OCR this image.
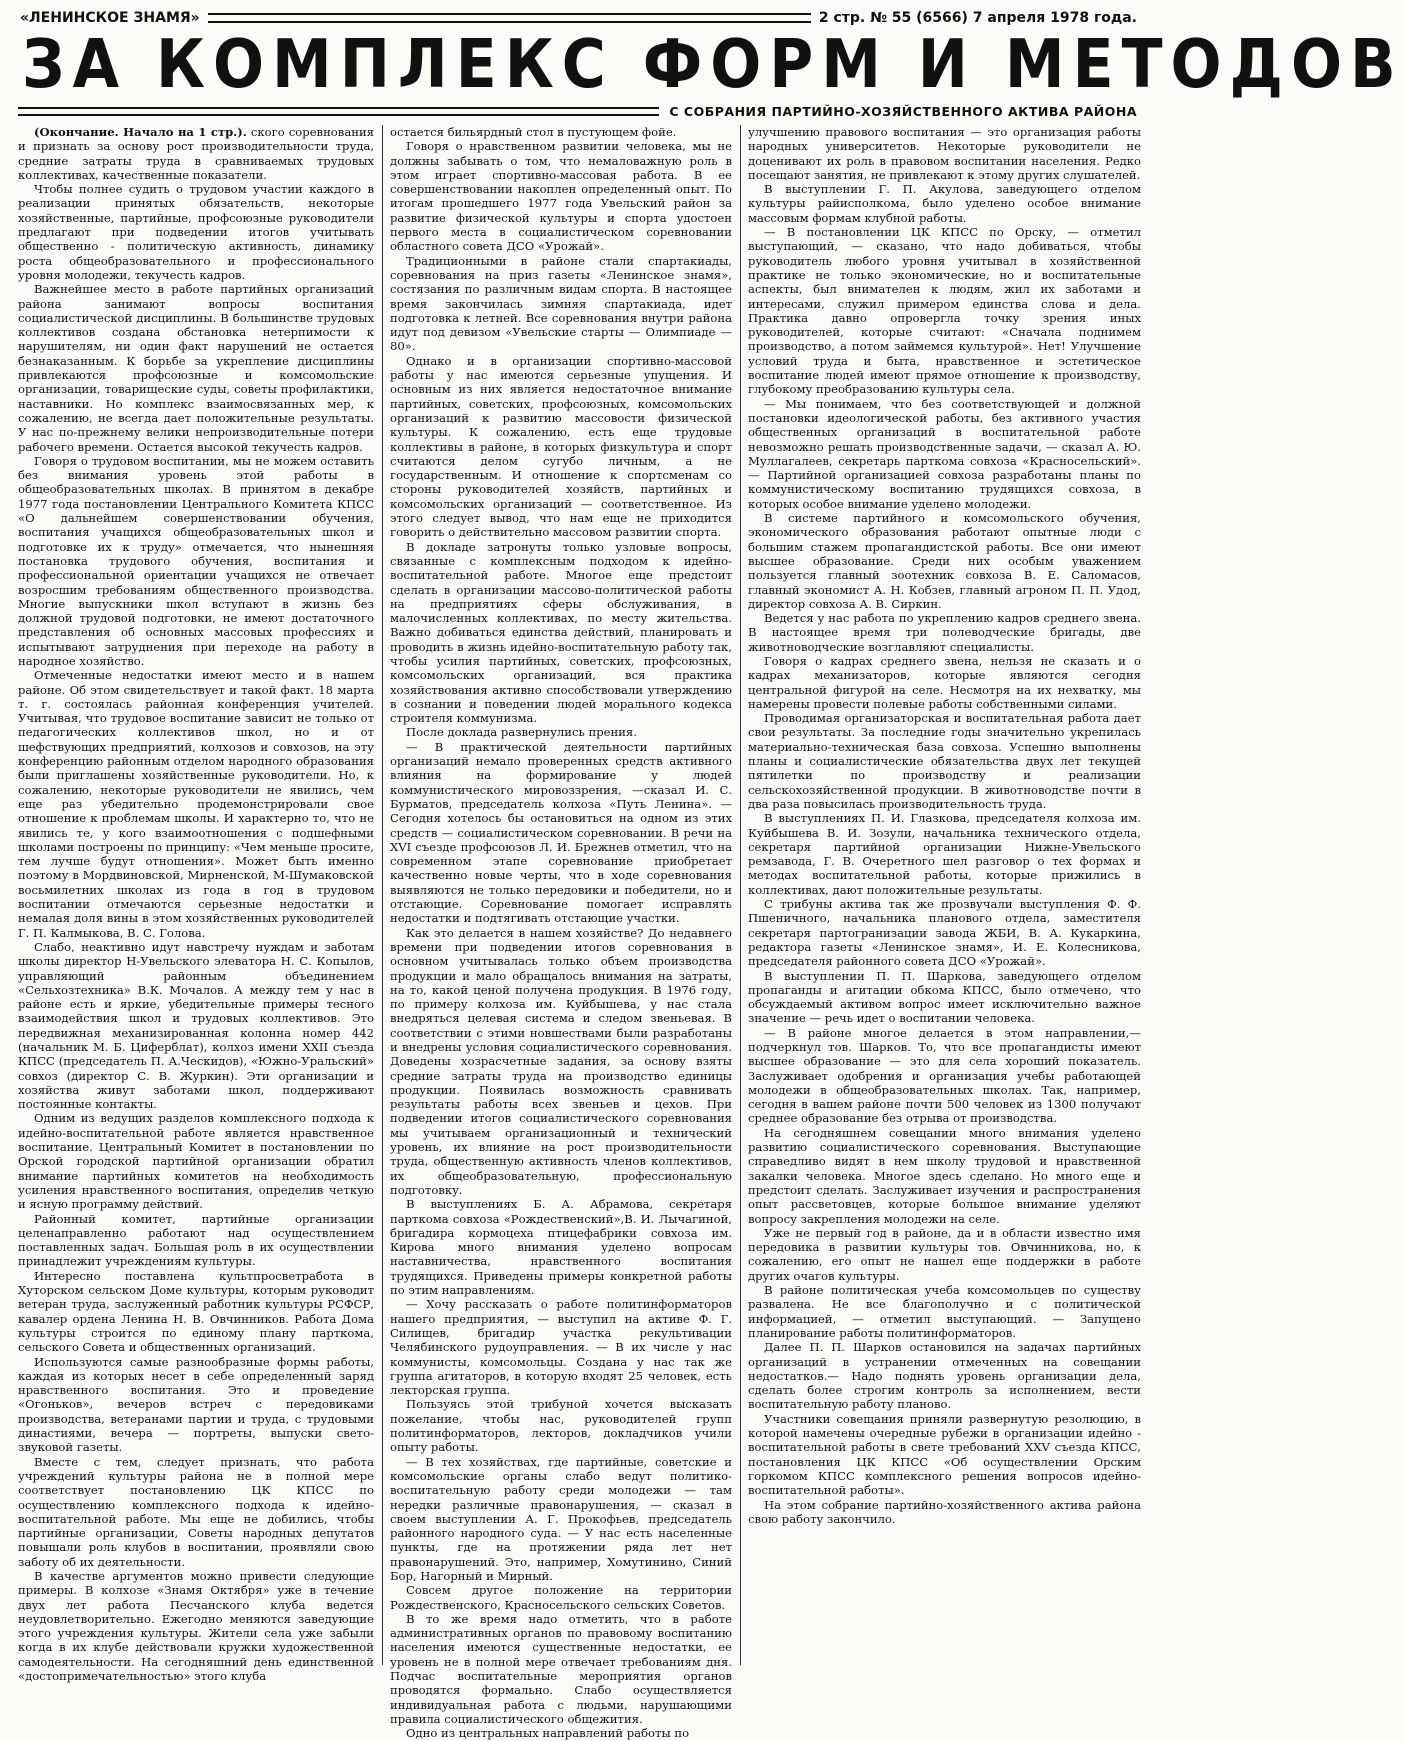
«ЛЕНИНСКОЕ ЗНАМЯ»	2 стр. № 55 (6566) 7 апреля 1978 года.
ЗА КОМПЛЕКС ФОРМ И МЕТОДОВ
С СОБРАНИЯ ПАРТИЙНО-ХОЗЯЙСТВЕННОГО АКТИВА РАЙОНА

(Окончание. Начало на 1 стр.). ского соревнования и признать за основу рост производительности труда, средние затраты труда в сравниваемых трудовых коллективах, качественные показатели.

Чтобы полнее судить о трудовом участии каждого в реализации принятых обязательств, некоторые хозяйственные, партийные, профсоюзные руководители предлагают при подведении итогов учитывать общественно - политическую активность, динамику роста общеобразовательного и профессионального уровня молодежи, текучесть кадров.

Важнейшее место в работе партийных организаций района занимают вопросы воспитания социалистической дисциплины. В большинстве трудовых коллективов создана обстановка нетерпимости к нарушителям, ни один факт нарушений не остается безнаказанным. К борьбе за укрепление дисциплины привлекаются профсоюзные и комсомольские организации, товарищеские суды, советы профилактики, наставники. Но комплекс взаимосвязанных мер, к сожалению, не всегда дает положительные результаты. У нас по-прежнему велики непроизводительные потери рабочего времени. Остается высокой текучесть кадров.

Говоря о трудовом воспитании, мы не можем оставить без внимания уровень этой работы в общеобразовательных школах. В принятом в декабре 1977 года постановлении Центрального Комитета КПСС «О дальнейшем совершенствовании обучения, воспитания учащихся общеобразовательных школ и подготовке их к труду» отмечается, что нынешняя постановка трудового обучения, воспитания и профессиональной ориентации учащихся не отвечает возросшим требованиям общественного производства. Многие выпускники школ вступают в жизнь без должной трудовой подготовки, не имеют достаточного представления об основных массовых профессиях и испытывают затруднения при переходе на работу в народное хозяйство.

Отмеченные недостатки имеют место и в нашем районе. Об этом свидетельствует и такой факт. 18 марта т. г. состоялась районная конференция учителей. Учитывая, что трудовое воспитание зависит не только от педагогических коллективов школ, но и от шефствующих предприятий, колхозов и совхозов, на эту конференцию районным отделом народного образования были приглашены хозяйственные руководители. Но, к сожалению, некоторые руководители не явились, чем еще раз убедительно продемонстрировали свое отношение к проблемам школы. И характерно то, что не явились те, у кого взаимоотношения с подшефными школами построены по принципу: «Чем меньше просите, тем лучше будут отношения». Может быть именно поэтому в Мордвиновской, Мирненской, М-Шумаковской восьмилетних школах из года в год в трудовом воспитании отмечаются серьезные недостатки и немалая доля вины в этом хозяйственных руководителей Г. П. Калмыкова, В. С. Голова.

Слабо, неактивно идут навстречу нуждам и заботам школы директор Н-Увельского элеватора Н. С. Копылов, управляющий районным объединением «Сельхозтехника» В.К. Мочалов. А между тем у нас в районе есть и яркие, убедительные примеры тесного взаимодействия школ и трудовых коллективов. Это передвижная механизированная колонна номер 442 (начальник М. Б. Циферблат), колхоз имени XXII съезда КПСС (председатель П. А.Ческидов), «Южно-Уральский» совхоз (директор С. В. Журкин). Эти организации и хозяйства живут заботами школ, поддерживают постоянные контакты.

Одним из ведущих разделов комплексного подхода к идейно-воспитательной работе является нравственное воспитание. Центральный Комитет в постановлении по Орской городской партийной организации обратил внимание партийных комитетов на необходимость усиления нравственного воспитания, определив четкую и ясную программу действий.

Районный комитет, партийные организации целенаправленно работают над осуществлением поставленных задач. Большая роль в их осуществлении принадлежит учреждениям культуры.

Интересно поставлена культпросветработа в Хуторском сельском Доме культуры, которым руководит ветеран труда, заслуженный работник культуры РСФСР, кавалер ордена Ленина Н. В. Овчинников. Работа Дома культуры строится по единому плану парткома, сельского Совета и общественных организаций.

Используются самые разнообразные формы работы, каждая из которых несет в себе определенный заряд нравственного воспитания. Это и проведение «Огоньков», вечеров встреч с передовиками производства, ветеранами партии и труда, с трудовыми династиями, вечера — портреты, выпуски свето-звуковой газеты.

Вместе с тем, следует признать, что работа учреждений культуры района не в полной мере соответствует постановлению ЦК КПСС по осуществлению комплексного подхода к идейно-воспитательной работе. Мы еще не добились, чтобы партийные организации, Советы народных депутатов повышали роль клубов в воспитании, проявляли свою заботу об их деятельности.

В качестве аргументов можно привести следующие примеры. В колхозе «Знамя Октября» уже в течение двух лет работа Песчанского клуба ведется неудовлетворительно. Ежегодно меняются заведующие этого учреждения культуры. Жители села уже забыли когда в их клубе действовали кружки художественной самодеятельности. На сегодняшний день единственной «достопримечательностью» этого клуба

остается бильярдный стол в пустующем фойе.

Говоря о нравственном развитии человека, мы не должны забывать о том, что немаловажную роль в этом играет спортивно-массовая работа. В ее совершенствовании накоплен определенный опыт. По итогам прошедшего 1977 года Увельский район за развитие физической культуры и спорта удостоен первого места в социалистическом соревновании областного совета ДСО «Урожай».

Традиционными в районе стали спартакиады, соревнования на приз газеты «Ленинское знамя», состязания по различным видам спорта. В настоящее время закончилась зимняя спартакиада, идет подготовка к летней. Все соревнования внутри района идут под девизом «Увельские старты — Олимпиаде —80».

Однако и в организации спортивно-массовой работы у нас имеются серьезные упущения. И основным из них является недостаточное внимание партийных, советских, профсоюзных, комсомольских организаций к развитию массовости физической культуры. К сожалению, есть еще трудовые коллективы в районе, в которых физкультура и спорт считаются делом сугубо личным, а не государственным. И отношение к спортсменам со стороны руководителей хозяйств, партийных и комсомольских организаций — соответственное. Из этого следует вывод, что нам еще не приходится говорить о действительно массовом развитии спорта.

В докладе затронуты только узловые вопросы, связанные с комплексным подходом к идейно-воспитательной работе. Многое еще предстоит сделать в организации массово-политической работы на предприятиях сферы обслуживания, в малочисленных коллективах, по месту жительства. Важно добиваться единства действий, планировать и проводить в жизнь идейно-воспитательную работу так, чтобы усилия партийных, советских, профсоюзных, комсомольских организаций, вся практика хозяйствования активно способствовали утверждению в сознании и поведении людей морального кодекса строителя коммунизма.

После доклада развернулись прения.

— В практической деятельности партийных организаций немало проверенных средств активного влияния на формирование у людей коммунистического мировоззрения, —сказал И. С. Бурматов, председатель колхоза «Путь Ленина». — Сегодня хотелось бы остановиться на одном из этих средств — социалистическом соревновании. В речи на XVI съезде профсоюзов Л. И. Брежнев отметил, что на современном этапе соревнование приобретает качественно новые черты, что в ходе соревнования выявляются не только передовики и победители, но и отстающие. Соревнование помогает исправлять недостатки и подтягивать отстающие участки.

Как это делается в нашем хозяйстве? До недавнего времени при подведении итогов соревнования в основном учитывалась только объем производства продукции и мало обращалось внимания на затраты, на то, какой ценой получена продукция. В 1976 году, по примеру колхоза им. Куйбышева, у нас стала внедряться целевая система и следом звеньевая. В соответствии с этими новшествами были разработаны и внедрены условия социалистического соревнования. Доведены хозрасчетные задания, за основу взяты средние затраты труда на производство единицы продукции. Появилась возможность сравнивать результаты работы всех звеньев и цехов. При подведении итогов социалистического соревнования мы учитываем организационный и технический уровень, их влияние на рост производительности труда, общественную активность членов коллективов, их общеобразовательную, профессиональную подготовку.

В выступлениях Б. А. Абрамова, секретаря парткома совхоза «Рождественский»,В. И. Лычагиной, бригадира кормоцеха птицефабрики совхоза им. Кирова много внимания уделено вопросам наставничества, нравственного воспитания трудящихся. Приведены примеры конкретной работы по этим направлениям.

— Хочу рассказать о работе политинформаторов нашего предприятия, — выступил на активе Ф. Г. Силищев, бригадир участка рекультивации Челябинского рудоуправления. — В их числе у нас коммунисты, комсомольцы. Создана у нас так же группа агитаторов, в которую входят 25 человек, есть лекторская группа.

Пользуясь этой трибуной хочется высказать пожелание, чтобы нас, руководителей групп политинформаторов, лекторов, докладчиков учили опыту работы.

— В тех хозяйствах, где партийные, советские и комсомольские органы слабо ведут политико-воспитательную работу среди молодежи — там нередки различные правонарушения, — сказал в своем выступлении А. Г. Прокофьев, председатель районного народного суда. — У нас есть населенные пункты, где на протяжении ряда лет нет правонарушений. Это, например, Хомутинино, Синий Бор, Нагорный и Мирный.

Совсем другое положение на территории Рождественского, Красносельского сельских Советов.

В то же время надо отметить, что в работе административных органов по правовому воспитанию населения имеются существенные недостатки, ее уровень не в полной мере отвечает требованиям дня. Подчас воспитательные мероприятия органов проводятся формально. Слабо осуществляется индивидуальная работа с людьми, нарушающими правила социалистического общежития.

Одно из центральных направлений работы по

улучшению правового воспитания — это организация работы народных университетов. Некоторые руководители не доценивают их роль в правовом воспитании населения. Редко посещают занятия, не привлекают к этому других слушателей.

В выступлении Г. П. Акулова, заведующего отделом культуры райисполкома, было уделено особое внимание массовым формам клубной работы.

— В постановлении ЦК КПСС по Орску, — отметил выступающий, — сказано, что надо добиваться, чтобы руководитель любого уровня учитывал в хозяйственной практике не только экономические, но и воспитательные аспекты, был внимателен к людям, жил их заботами и интересами, служил примером единства слова и дела. Практика давно опровергла точку зрения иных руководителей, которые считают: «Сначала поднимем производство, а потом займемся культурой». Нет! Улучшение условий труда и быта, нравственное и эстетическое воспитание людей имеют прямое отношение к производству, глубокому преобразованию культуры села.

— Мы понимаем, что без соответствующей и должной постановки идеологической работы, без активного участия общественных организаций в воспитательной работе невозможно решать производственные задачи, — сказал А. Ю. Муллагалеев, секретарь парткома совхоза «Красносельский». — Партийной организацией совхоза разработаны планы по коммунистическому воспитанию трудящихся совхоза, в которых особое внимание уделено молодежи.

В системе партийного и комсомольского обучения, экономического образования работают опытные люди с большим стажем пропагандистской работы. Все они имеют высшее образование. Среди них особым уважением пользуется главный зоотехник совхоза В. Е. Саломасов, главный экономист А. Н. Кобзев, главный агроном П. П. Удод, директор совхоза А. В. Сиркин.

Ведется у нас работа по укреплению кадров среднего звена. В настоящее время три полеводческие бригады, две животноводческие возглавляют специалисты.

Говоря о кадрах среднего звена, нельзя не сказать и о кадрах механизаторов, которые являются сегодня центральной фигурой на селе. Несмотря на их нехватку, мы намерены провести полевые работы собственными силами.

Проводимая организаторская и воспитательная работа дает свои результаты. За последние годы значительно укрепилась материально-техническая база совхоза. Успешно выполнены планы и социалистические обязательства двух лет текущей пятилетки по производству и реализации сельскохозяйственной продукции. В животноводстве почти в два раза повысилась производительность труда.

В выступлениях П. И. Глазкова, председателя колхоза им. Куйбышева В. И. Зозули, начальника технического отдела, секретаря партийной организации Нижне-Увельского ремзавода, Г. В. Очеретного шел разговор о тех формах и методах воспитательной работы, которые прижились в коллективах, дают положительные результаты.

С трибуны актива так же прозвучали выступления Ф. Ф. Пшеничного, начальника планового отдела, заместителя секретаря партогранизации завода ЖБИ, В. А. Кукаркина, редактора газеты «Ленинское знамя», И. Е. Колесникова, председателя районного совета ДСО «Урожай».

В выступлении П. П. Шаркова, заведующего отделом пропаганды и агитации обкома КПСС, было отмечено, что обсуждаемый активом вопрос имеет исключительно важное значение — речь идет о воспитании человека.

— В районе многое делается в этом направлении,— подчеркнул тов. Шарков. То, что все пропагандисты имеют высшее образование — это для села хороший показатель. Заслуживает одобрения и организация учебы работающей молодежи в общеобразовательных школах. Так, например, сегодня в вашем районе почти 500 человек из 1300 получают среднее образование без отрыва от производства.

На сегодняшнем совещании много внимания уделено развитию социалистического соревнования. Выступающие справедливо видят в нем школу трудовой и нравственной закалки человека. Многое здесь сделано. Но много еще и предстоит сделать. Заслуживает изучения и распространения опыт рассветовцев, которые большое внимание уделяют вопросу закрепления молодежи на селе.

Уже не первый год в районе, да и в области известно имя передовика в развитии культуры тов. Овчинникова, но, к сожалению, его опыт не нашел еще поддержки в работе других очагов культуры.

В районе политическая учеба комсомольцев по существу развалена. Не все благополучно и с политической информацией, — отметил выступающий. — Запущено планирование работы политинформаторов.

Далее П. П. Шарков остановился на задачах партийных организаций в устранении отмеченных на совещании недостатков.— Надо поднять уровень организации дела, сделать более строгим контроль за исполнением, вести воспитательную работу планово.

Участники совещания приняли развернутую резолюцию, в которой намечены очередные рубежи в организации идейно - воспитательной работы в свете требований XXV съезда КПСС, постановления ЦК КПСС «Об осуществлении Орским горкомом КПСС комплексного решения вопросов идейно-воспитательной работы».

На этом собрание партийно-хозяйственного актива района свою работу закончило.
